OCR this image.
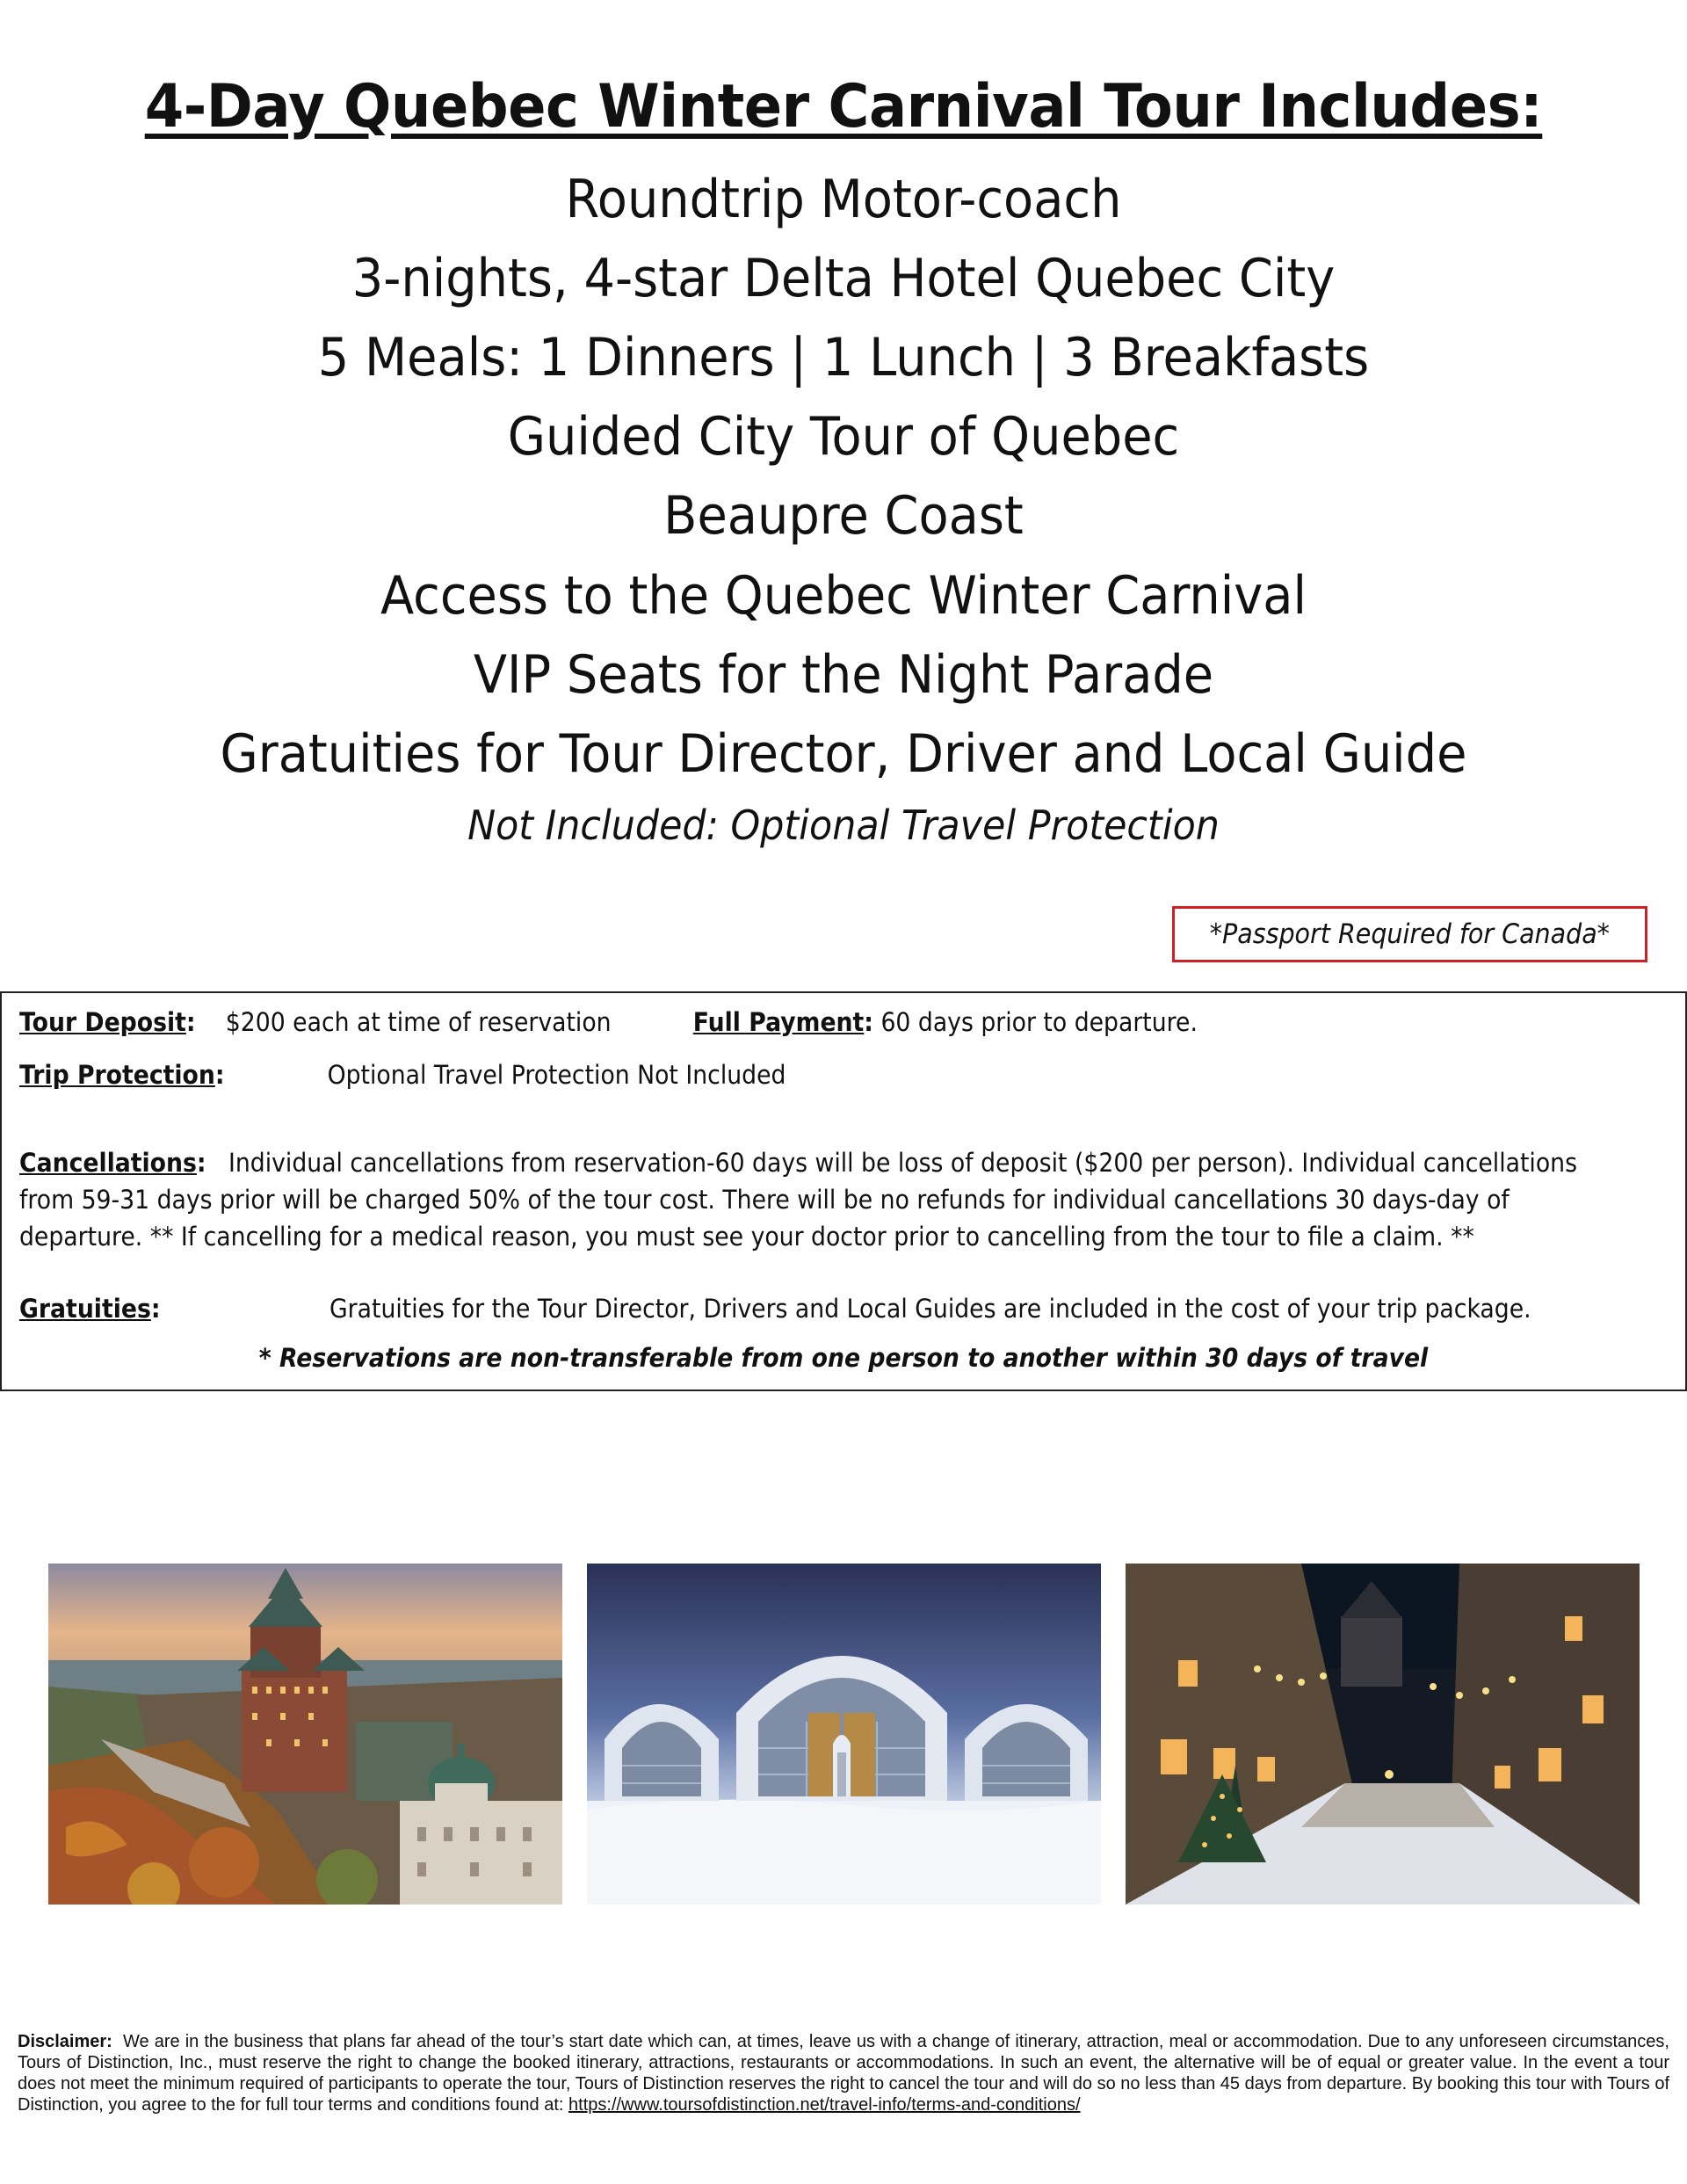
4-Day Quebec Winter Carnival Tour Includes:
Roundtrip Motor-coach
3-nights, 4-star Delta Hotel Quebec City
5 Meals: 1 Dinners | 1 Lunch | 3 Breakfasts
Guided City Tour of Quebec
Beaupre Coast
Access to the Quebec Winter Carnival
VIP Seats for the Night Parade
Gratuities for Tour Director, Driver and Local Guide
Not Included: Optional Travel Protection
*Passport Required for Canada*
Tour Deposit: $200 each at time of reservation	Full Payment: 60 days prior to departure.
Trip Protection:	Optional Travel Protection Not Included
Cancellations: Individual cancellations from reservation-60 days will be loss of deposit ($200 per person). Individual cancellations from 59-31 days prior will be charged 50% of the tour cost. There will be no refunds for individual cancellations 30 days-day of departure. ** If cancelling for a medical reason, you must see your doctor prior to cancelling from the tour to file a claim. **
Gratuities:	Gratuities for the Tour Director, Drivers and Local Guides are included in the cost of your trip package.
* Reservations are non-transferable from one person to another within 30 days of travel
Disclaimer: We are in the business that plans far ahead of the tour’s start date which can, at times, leave us with a change of itinerary, attraction, meal or accommodation. Due to any unforeseen circumstances, Tours of Distinction, Inc., must reserve the right to change the booked itinerary, attractions, restaurants or accommodations. In such an event, the alternative will be of equal or greater value. In the event a tour does not meet the minimum required of participants to operate the tour, Tours of Distinction reserves the right to cancel the tour and will do so no less than 45 days from departure. By booking this tour with Tours of Distinction, you agree to the for full tour terms and conditions found at: https://www.toursofdistinction.net/travel-info/terms-and-conditions/
